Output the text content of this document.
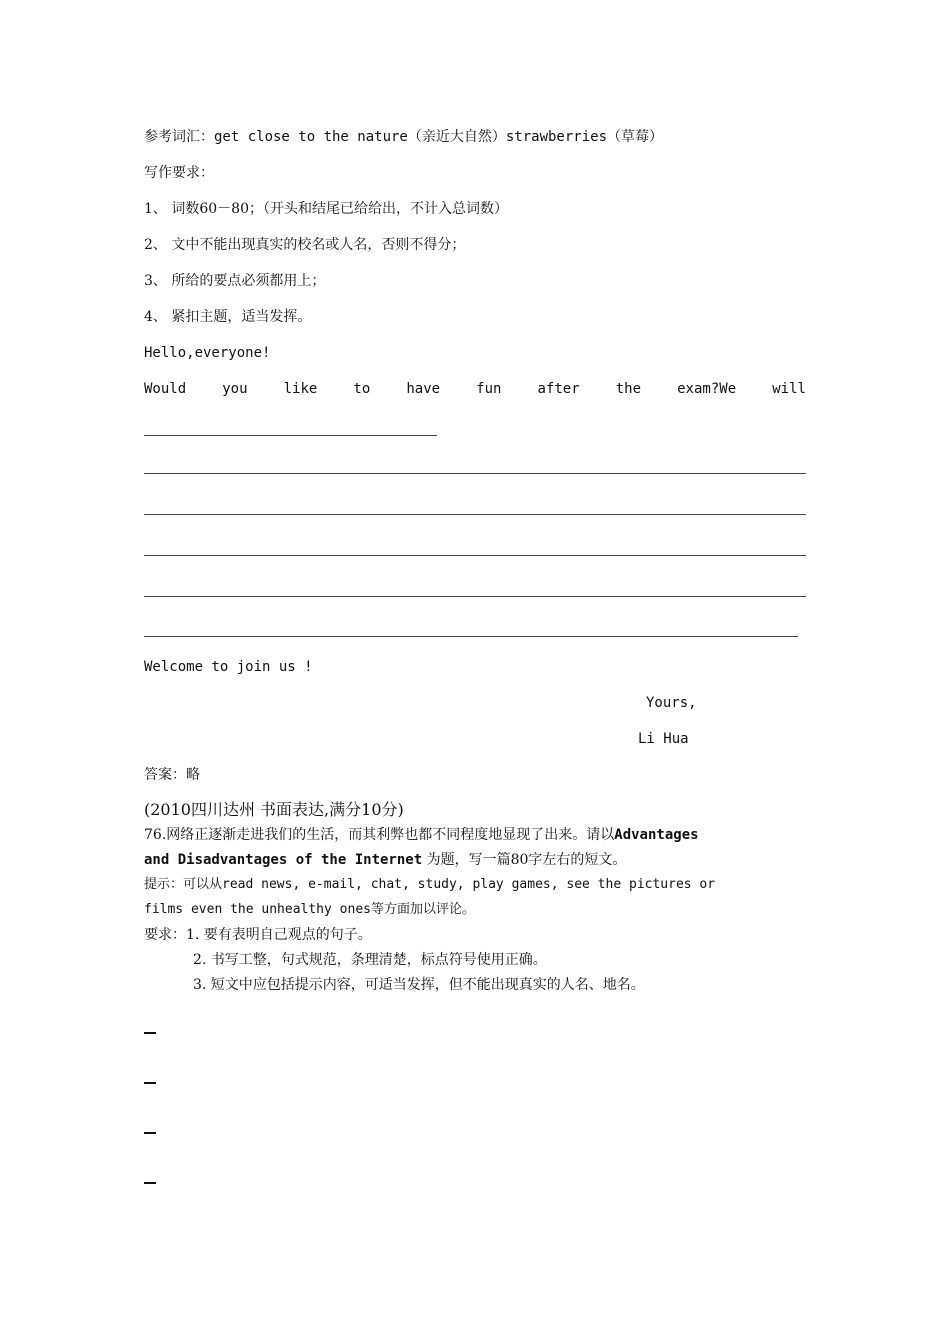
参考词汇：get close to the nature（亲近大自然）strawberries（草莓）
写作要求：
1、 词数60－80；（开头和结尾已给给出，不计入总词数）
2、 文中不能出现真实的校名或人名，否则不得分；
3、 所给的要点必须都用上；
4、 紧扣主题，适当发挥。
Hello,everyone!
Would	you	like	to	have	fun	after	the	exam?We	will
Welcome to join us !
Yours,
Li Hua
答案：略
(2010四川达州 书面表达,满分10分)
76.网络正逐渐走进我们的生活，而其利弊也都不同程度地显现了出来。请以Advantages
and Disadvantages of the Internet 为题，写一篇80字左右的短文。
提示：可以从read news, e-mail, chat, study, play games, see the pictures or
films even the unhealthy ones等方面加以评论。
要求：1. 要有表明自己观点的句子。
2. 书写工整，句式规范，条理清楚，标点符号使用正确。
3. 短文中应包括提示内容，可适当发挥，但不能出现真实的人名、地名。
